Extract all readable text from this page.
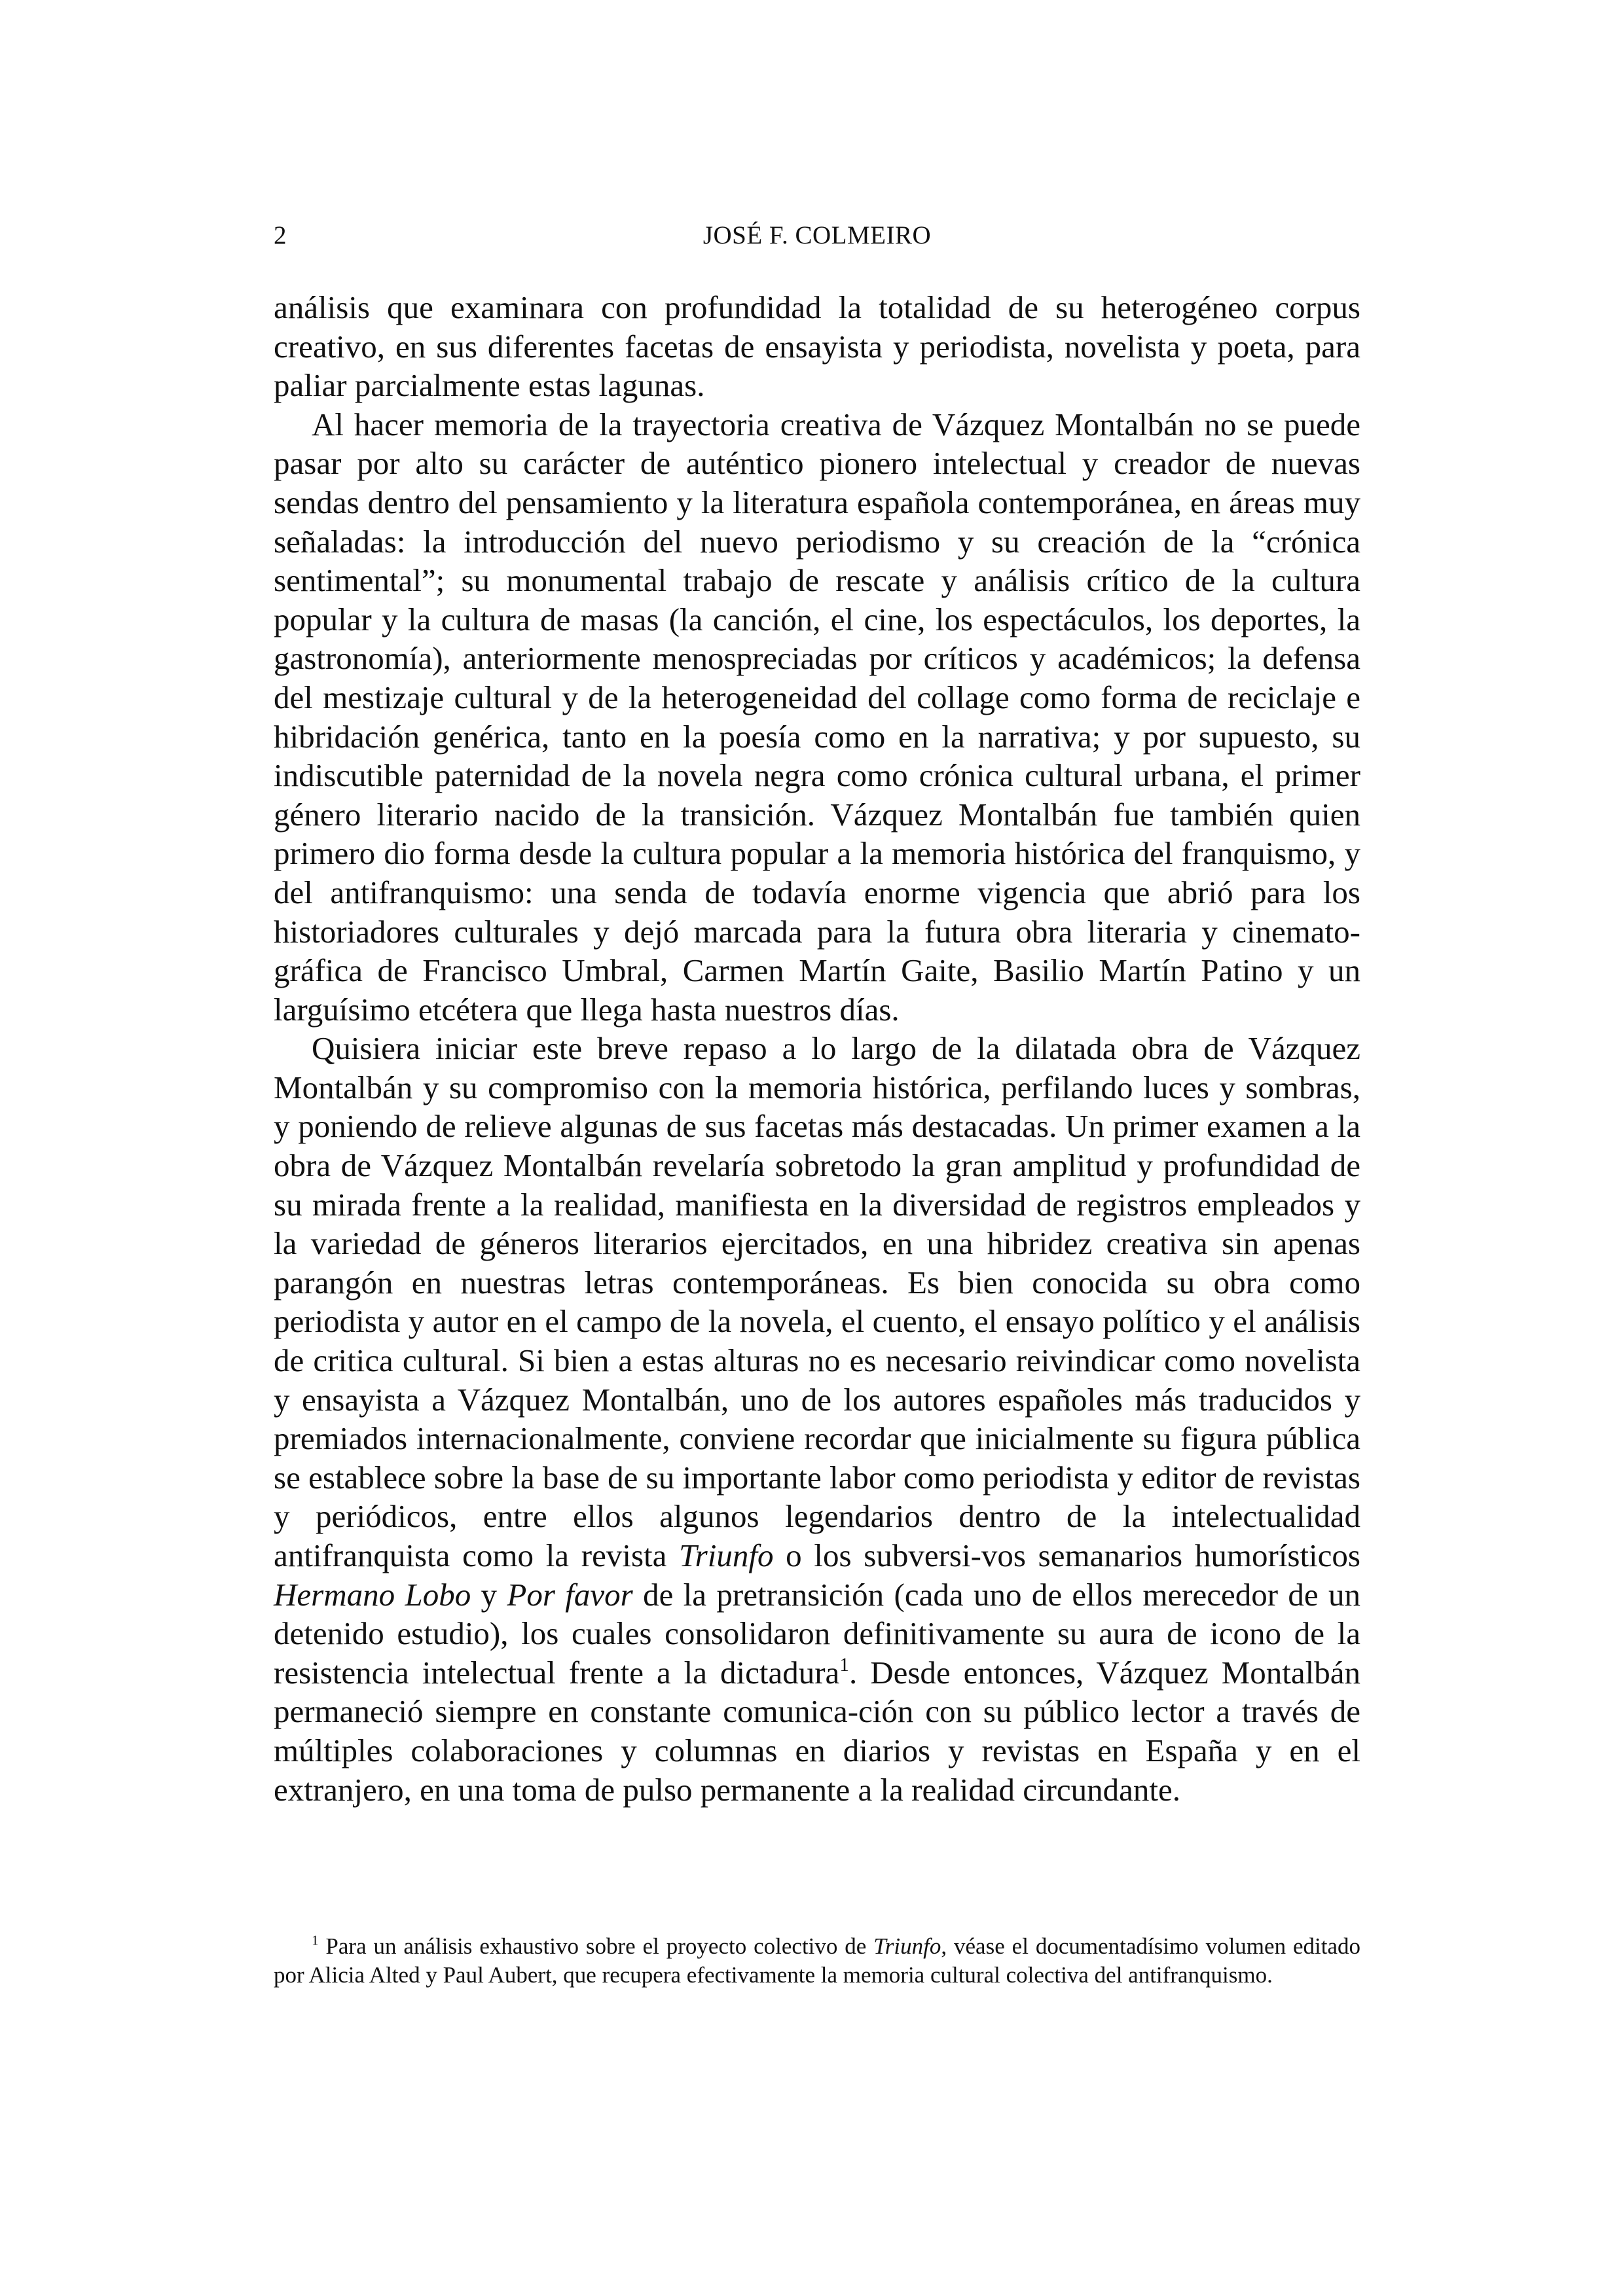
2	JOSÉ F. COLMEIRO

análisis que examinara con profundidad la totalidad de su heterogéneo corpus creativo, en sus diferentes facetas de ensayista y periodista, novelista y poeta, para paliar parcialmente estas lagunas.

Al hacer memoria de la trayectoria creativa de Vázquez Montalbán no se puede pasar por alto su carácter de auténtico pionero intelectual y creador de nuevas sendas dentro del pensamiento y la literatura española contemporánea, en áreas muy señaladas: la introducción del nuevo periodismo y su creación de la “crónica sentimental”; su monumental trabajo de rescate y análisis crítico de la cultura popular y la cultura de masas (la canción, el cine, los espectáculos, los deportes, la gastronomía), anteriormente menospreciadas por críticos y académicos; la defensa del mestizaje cultural y de la heterogeneidad del collage como forma de reciclaje e hibridación genérica, tanto en la poesía como en la narrativa; y por supuesto, su indiscutible paternidad de la novela negra como crónica cultural urbana, el primer género literario nacido de la transición. Vázquez Montalbán fue también quien primero dio forma desde la cultura popular a la memoria histórica del franquismo, y del antifranquismo: una senda de todavía enorme vigencia que abrió para los historiadores culturales y dejó marcada para la futura obra literaria y cinemato-gráfica de Francisco Umbral, Carmen Martín Gaite, Basilio Martín Patino y un larguísimo etcétera que llega hasta nuestros días.

Quisiera iniciar este breve repaso a lo largo de la dilatada obra de Vázquez Montalbán y su compromiso con la memoria histórica, perfilando luces y sombras, y poniendo de relieve algunas de sus facetas más destacadas. Un primer examen a la obra de Vázquez Montalbán revelaría sobretodo la gran amplitud y profundidad de su mirada frente a la realidad, manifiesta en la diversidad de registros empleados y la variedad de géneros literarios ejercitados, en una hibridez creativa sin apenas parangón en nuestras letras contemporáneas. Es bien conocida su obra como periodista y autor en el campo de la novela, el cuento, el ensayo político y el análisis de critica cultural. Si bien a estas alturas no es necesario reivindicar como novelista y ensayista a Vázquez Montalbán, uno de los autores españoles más traducidos y premiados internacionalmente, conviene recordar que inicialmente su figura pública se establece sobre la base de su importante labor como periodista y editor de revistas y periódicos, entre ellos algunos legendarios dentro de la intelectualidad antifranquista como la revista Triunfo o los subversi-vos semanarios humorísticos Hermano Lobo y Por favor de la pretransición (cada uno de ellos merecedor de un detenido estudio), los cuales consolidaron definitivamente su aura de icono de la resistencia intelectual frente a la dictadura$^1$. Desde entonces, Vázquez Montalbán permaneció siempre en constante comunica-ción con su público lector a través de múltiples colaboraciones y columnas en diarios y revistas en España y en el extranjero, en una toma de pulso permanente a la realidad circundante.

$^1$ Para un análisis exhaustivo sobre el proyecto colectivo de Triunfo, véase el documentadísimo volumen editado por Alicia Alted y Paul Aubert, que recupera efectivamente la memoria cultural colectiva del antifranquismo.
